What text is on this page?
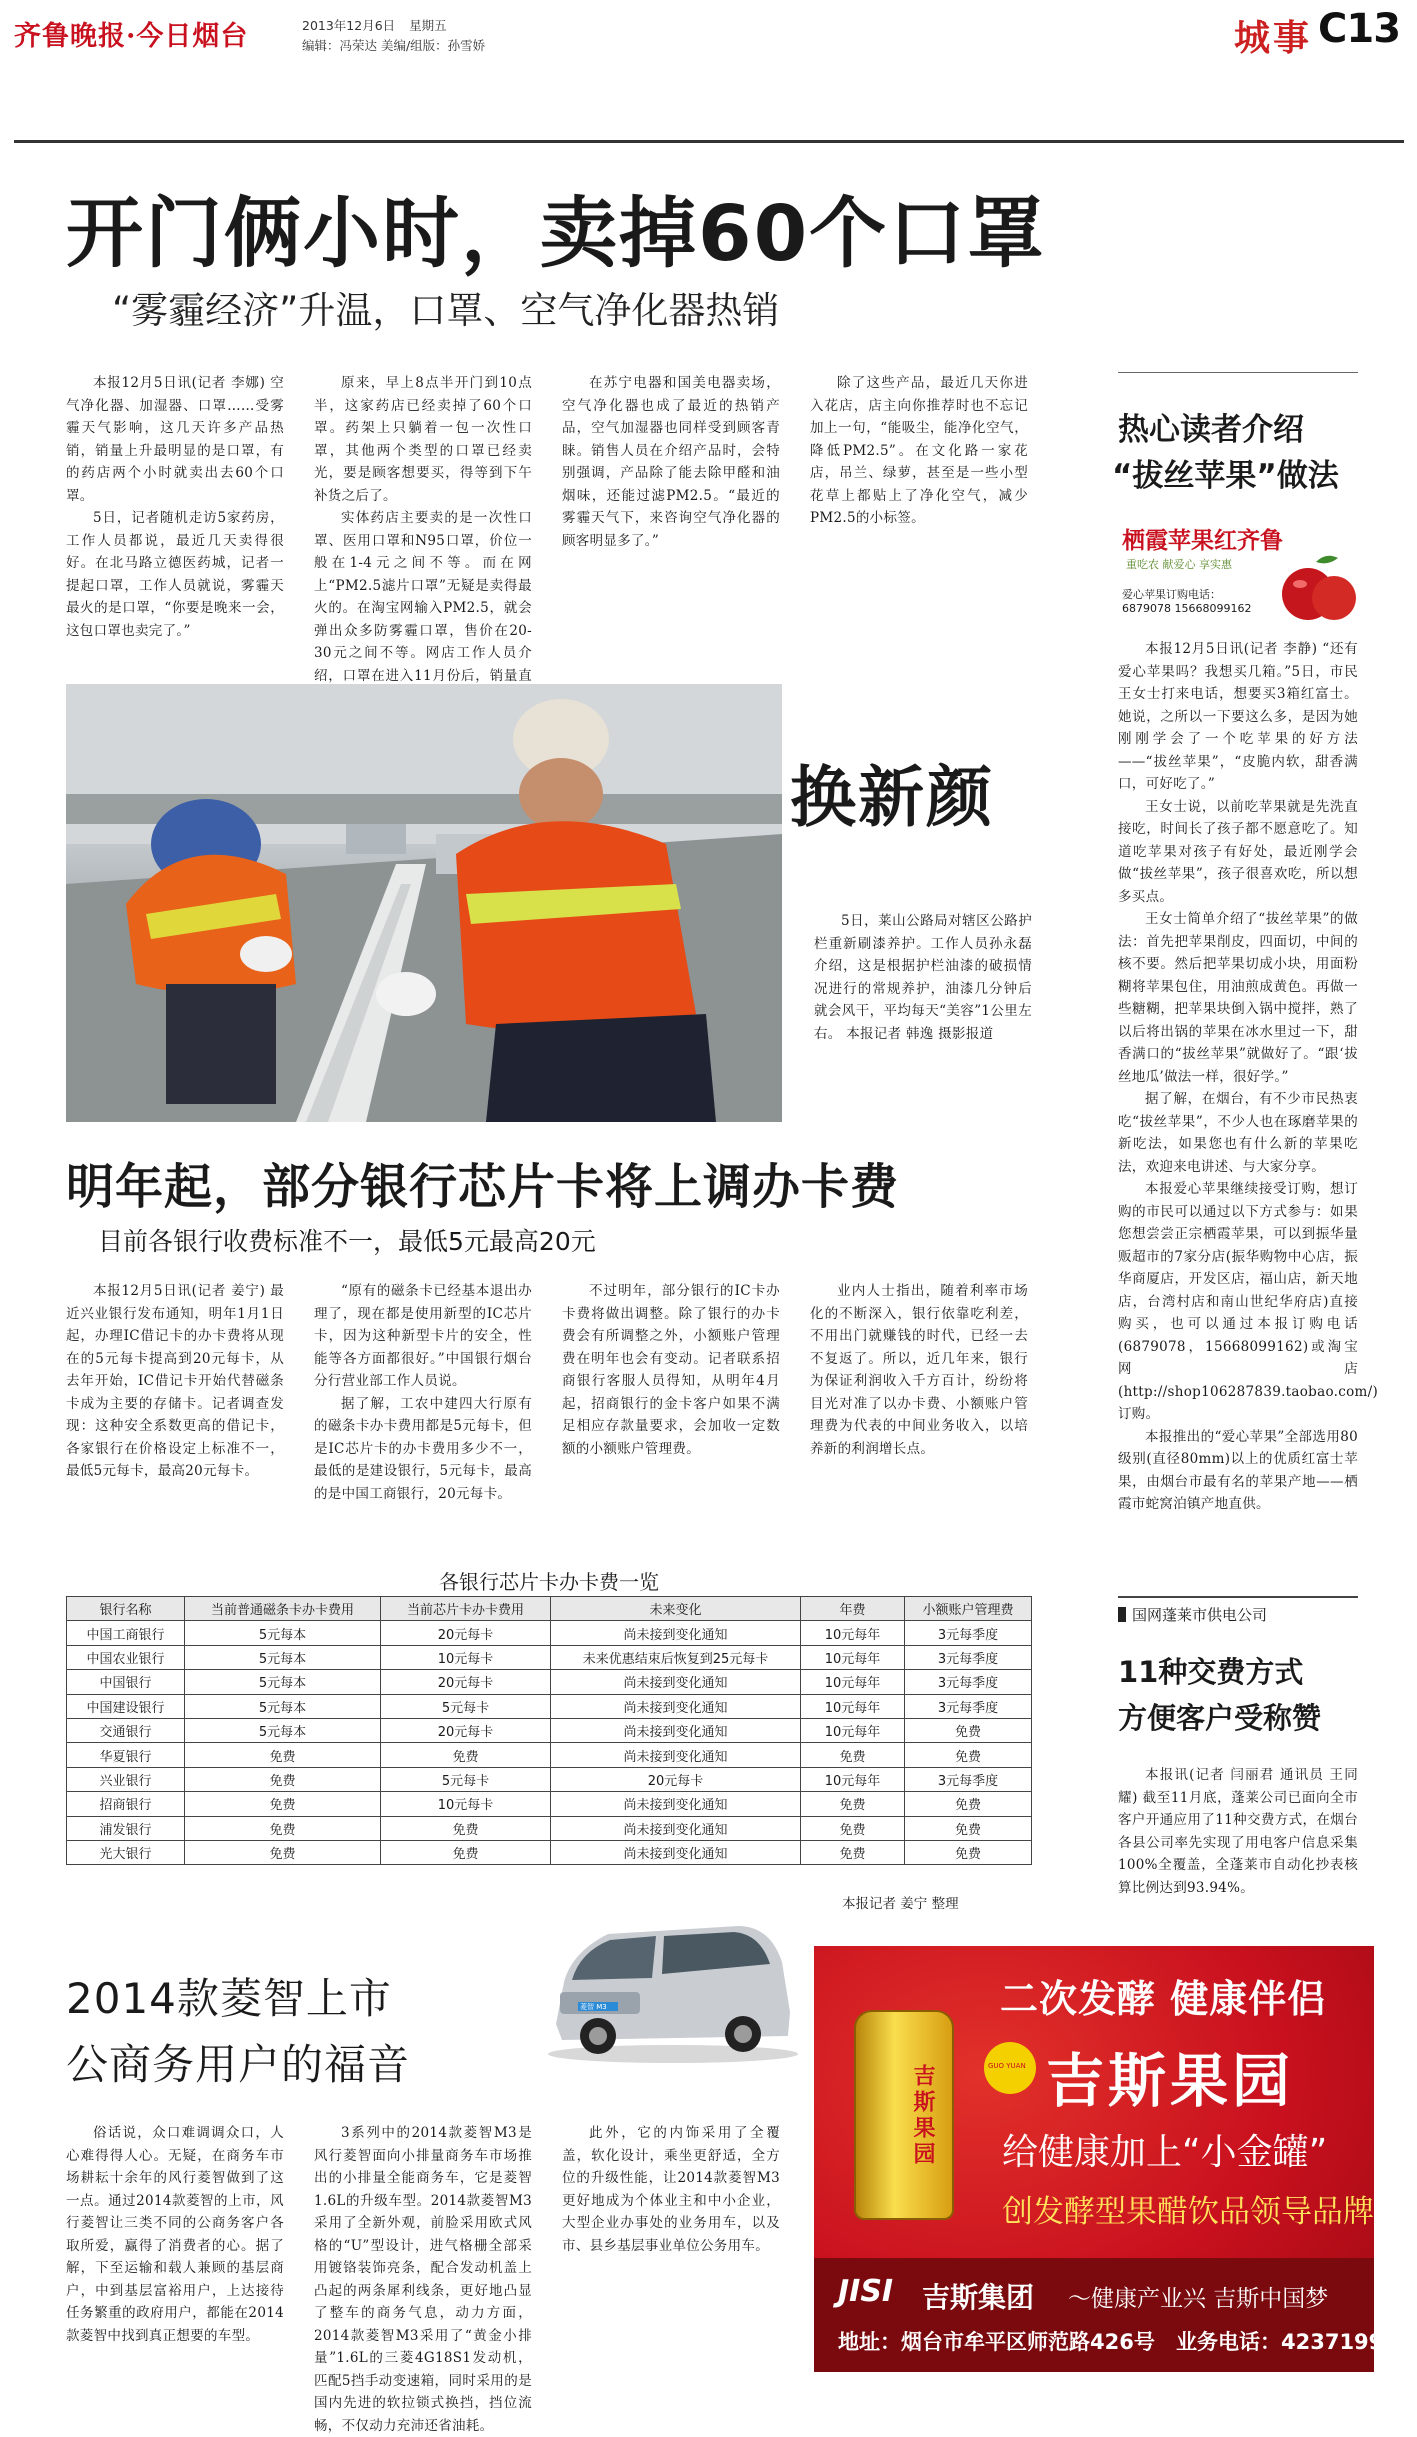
齐鲁晚报·今日烟台	2013年12月6日 星期五
编辑：冯荣达 美编/组版：孙雪娇	城事 C13
开门俩小时，卖掉60个口罩
“雾霾经济”升温，口罩、空气净化器热销

本报12月5日讯(记者 李娜) 空气净化器、加湿器、口罩……受雾霾天气影响，这几天许多产品热销，销量上升最明显的是口罩，有的药店两个小时就卖出去60个口罩。

5日，记者随机走访5家药房，工作人员都说，最近几天卖得很好。在北马路立德医药城，记者一提起口罩，工作人员就说，雾霾天最火的是口罩，“你要是晚来一会，这包口罩也卖完了。”

原来，早上8点半开门到10点半，这家药店已经卖掉了60个口罩。药架上只躺着一包一次性口罩，其他两个类型的口罩已经卖光，要是顾客想要买，得等到下午补货之后了。

实体药店主要卖的是一次性口罩、医用口罩和N95口罩，价位一般在1-4元之间不等。而在网上“PM2.5滤片口罩”无疑是卖得最火的。在淘宝网输入PM2.5，就会弹出众多防雾霾口罩，售价在20-30元之间不等。网店工作人员介绍，口罩在进入11月份后，销量直

在苏宁电器和国美电器卖场，空气净化器也成了最近的热销产品，空气加湿器也同样受到顾客青睐。销售人员在介绍产品时，会特别强调，产品除了能去除甲醛和油烟味，还能过滤PM2.5。“最近的雾霾天气下，来咨询空气净化器的顾客明显多了。”

除了这些产品，最近几天你进入花店，店主向你推荐时也不忘记加上一句，“能吸尘，能净化空气，降低PM2.5”。在文化路一家花店，吊兰、绿萝，甚至是一些小型花草上都贴上了净化空气，减少PM2.5的小标签。

换新颜

5日，莱山公路局对辖区公路护栏重新刷漆养护。工作人员孙永磊介绍，这是根据护栏油漆的破损情况进行的常规养护，油漆几分钟后就会风干，平均每天“美容”1公里左右。 本报记者 韩逸 摄影报道

明年起，部分银行芯片卡将上调办卡费
目前各银行收费标准不一，最低5元最高20元

本报12月5日讯(记者 姜宁) 最近兴业银行发布通知，明年1月1日起，办理IC借记卡的办卡费将从现在的5元每卡提高到20元每卡，从去年开始，IC借记卡开始代替磁条卡成为主要的存储卡。记者调查发现：这种安全系数更高的借记卡，各家银行在价格设定上标准不一，最低5元每卡，最高20元每卡。

“原有的磁条卡已经基本退出办理了，现在都是使用新型的IC芯片卡，因为这种新型卡片的安全，性能等各方面都很好。”中国银行烟台分行营业部工作人员说。

据了解，工农中建四大行原有的磁条卡办卡费用都是5元每卡，但是IC芯片卡的办卡费用多少不一，最低的是建设银行，5元每卡，最高的是中国工商银行，20元每卡。

不过明年，部分银行的IC卡办卡费将做出调整。除了银行的办卡费会有所调整之外，小额账户管理费在明年也会有变动。记者联系招商银行客服人员得知，从明年4月起，招商银行的金卡客户如果不满足相应存款量要求，会加收一定数额的小额账户管理费。

业内人士指出，随着利率市场化的不断深入，银行依靠吃利差，不用出门就赚钱的时代，已经一去不复返了。所以，近几年来，银行为保证利润收入千方百计，纷纷将目光对准了以办卡费、小额账户管理费为代表的中间业务收入，以培养新的利润增长点。

各银行芯片卡办卡费一览
银行名称	当前普通磁条卡办卡费用	当前芯片卡办卡费用	未来变化	年费	小额账户管理费
中国工商银行	5元每本	20元每卡	尚未接到变化通知	10元每年	3元每季度
中国农业银行	5元每本	10元每卡	未来优惠结束后恢复到25元每卡	10元每年	3元每季度
中国银行	5元每本	20元每卡	尚未接到变化通知	10元每年	3元每季度
中国建设银行	5元每本	5元每卡	尚未接到变化通知	10元每年	3元每季度
交通银行	5元每本	20元每卡	尚未接到变化通知	10元每年	免费
华夏银行	免费	免费	尚未接到变化通知	免费	免费
兴业银行	免费	5元每卡	20元每卡	10元每年	3元每季度
招商银行	免费	10元每卡	尚未接到变化通知	免费	免费
浦发银行	免费	免费	尚未接到变化通知	免费	免费
光大银行	免费	免费	尚未接到变化通知	免费	免费
本报记者 姜宁 整理
2014款菱智上市
公商务用户的福音
菱智 M3

俗话说，众口难调调众口，人心难得得人心。无疑，在商务车市场耕耘十余年的风行菱智做到了这一点。通过2014款菱智的上市，风行菱智让三类不同的公商务客户各取所爱，赢得了消费者的心。据了解，下至运输和载人兼顾的基层商户，中到基层富裕用户，上达接待任务繁重的政府用户，都能在2014款菱智中找到真正想要的车型。

3系列中的2014款菱智M3是风行菱智面向小排量商务车市场推出的小排量全能商务车，它是菱智1.6L的升级车型。2014款菱智M3采用了全新外观，前脸采用欧式风格的“U”型设计，进气格栅全部采用镀铬装饰亮条，配合发动机盖上凸起的两条犀利线条，更好地凸显了整车的商务气息，动力方面，2014款菱智M3采用了“黄金小排量”1.6L的三菱4G18S1发动机，匹配5挡手动变速箱，同时采用的是国内先进的软拉锁式换挡，挡位流畅，不仅动力充沛还省油耗。

此外，它的内饰采用了全覆盖，软化设计，乘坐更舒适，全方位的升级性能，让2014款菱智M3更好地成为个体业主和中小企业，大型企业办事处的业务用车，以及市、县乡基层事业单位公务用车。

热心读者介绍
“拔丝苹果”做法
栖霞苹果红齐鲁
重吃农 献爱心 享实惠
爱心苹果订购电话：
6879078 15668099162

本报12月5日讯(记者 李静) “还有爱心苹果吗？我想买几箱。”5日，市民王女士打来电话，想要买3箱红富士。她说，之所以一下要这么多，是因为她刚刚学会了一个吃苹果的好方法——“拔丝苹果”，“皮脆内软，甜香满口，可好吃了。”

王女士说，以前吃苹果就是先洗直接吃，时间长了孩子都不愿意吃了。知道吃苹果对孩子有好处，最近刚学会做“拔丝苹果”，孩子很喜欢吃，所以想多买点。

王女士简单介绍了“拔丝苹果”的做法：首先把苹果削皮，四面切，中间的核不要。然后把苹果切成小块，用面粉糊将苹果包住，用油煎成黄色。再做一些糖糊，把苹果块倒入锅中搅拌，熟了以后将出锅的苹果在冰水里过一下，甜香满口的“拔丝苹果”就做好了。“跟‘拔丝地瓜’做法一样，很好学。”

据了解，在烟台，有不少市民热衷吃“拔丝苹果”，不少人也在琢磨苹果的新吃法，如果您也有什么新的苹果吃法，欢迎来电讲述、与大家分享。

本报爱心苹果继续接受订购，想订购的市民可以通过以下方式参与：如果您想尝尝正宗栖霞苹果，可以到振华量贩超市的7家分店(振华购物中心店，振华商厦店，开发区店，福山店，新天地店，台湾村店和南山世纪华府店)直接购买，也可以通过本报订购电话(6879078，15668099162)或淘宝网店(http://shop106287839.taobao.com/)订购。

本报推出的“爱心苹果”全部选用80级别(直径80mm)以上的优质红富士苹果，由烟台市最有名的苹果产地——栖霞市蛇窝泊镇产地直供。

国网蓬莱市供电公司
11种交费方式
方便客户受称赞

本报讯(记者 闫丽君 通讯员 王同耀) 截至11月底，蓬莱公司已面向全市客户开通应用了11种交费方式，在烟台各县公司率先实现了用电客户信息采集100%全覆盖，全蓬莱市自动化抄表核算比例达到93.94%。

二次发酵 健康伴侣
GUO YUAN 吉斯果园
吉斯果园 给健康加上“小金罐”
创发酵型果醋饮品领导品牌
JISI 吉斯集团 ～健康产业兴 吉斯中国梦
地址：烟台市牟平区师范路426号 业务电话：4237199
